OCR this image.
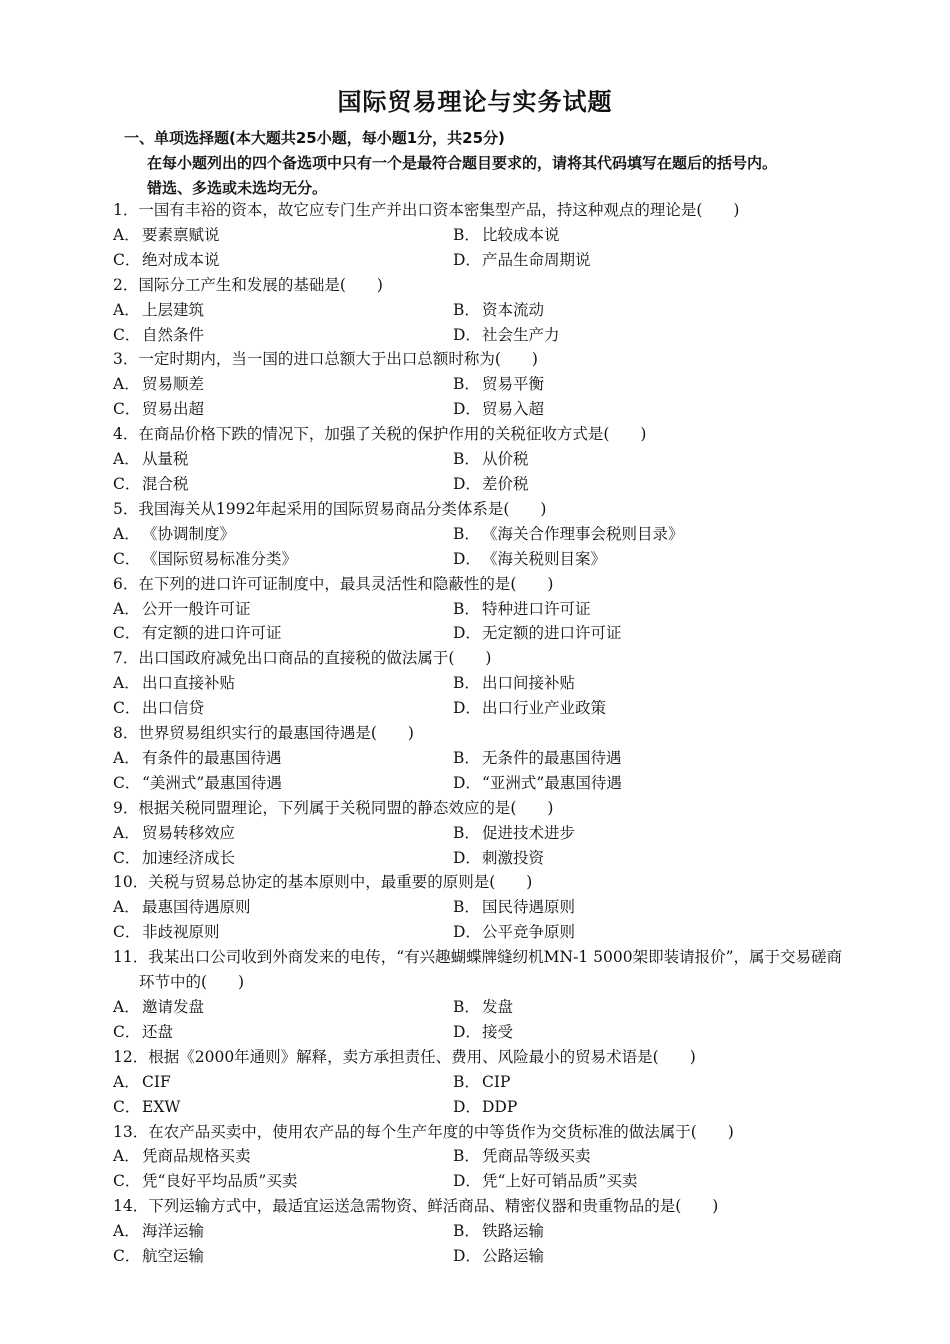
国际贸易理论与实务试题
一、单项选择题(本大题共25小题，每小题1分，共25分)
在每小题列出的四个备选项中只有一个是最符合题目要求的，请将其代码填写在题后的括号内。
错选、多选或未选均无分。
1．一国有丰裕的资本，故它应专门生产并出口资本密集型产品，持这种观点的理论是(　　)
A． 要素禀赋说	B． 比较成本说
C． 绝对成本说	D．产品生命周期说
2．国际分工产生和发展的基础是(　　)
A． 上层建筑	B． 资本流动
C． 自然条件	D．社会生产力
3．一定时期内，当一国的进口总额大于出口总额时称为(　　)
A． 贸易顺差	B． 贸易平衡
C． 贸易出超	D．贸易入超
4．在商品价格下跌的情况下，加强了关税的保护作用的关税征收方式是(　　)
A． 从量税	B． 从价税
C． 混合税	D．差价税
5．我国海关从1992年起采用的国际贸易商品分类体系是(　　)
A． 《协调制度》	B． 《海关合作理事会税则目录》
C． 《国际贸易标准分类》	D．《海关税则目案》
6．在下列的进口许可证制度中，最具灵活性和隐蔽性的是(　　)
A． 公开一般许可证	B． 特种进口许可证
C． 有定额的进口许可证	D．无定额的进口许可证
7．出口国政府减免出口商品的直接税的做法属于(　　)
A． 出口直接补贴	B． 出口间接补贴
C． 出口信贷	D．出口行业产业政策
8．世界贸易组织实行的最惠国待遇是(　　)
A． 有条件的最惠国待遇	B． 无条件的最惠国待遇
C． “美洲式”最惠国待遇	D．“亚洲式”最惠国待遇
9．根据关税同盟理论，下列属于关税同盟的静态效应的是(　　)
A． 贸易转移效应	B． 促进技术进步
C． 加速经济成长	D．刺激投资
10．关税与贸易总协定的基本原则中，最重要的原则是(　　)
A． 最惠国待遇原则	B． 国民待遇原则
C． 非歧视原则	D．公平竞争原则
11．我某出口公司收到外商发来的电传，“有兴趣蝴蝶牌缝纫机MN-1 5000架即装请报价”，属于交易磋商环节中的(　　)
A． 邀请发盘	B． 发盘
C． 还盘	D．接受
12．根据《2000年通则》解释，卖方承担责任、费用、风险最小的贸易术语是(　　)
A． CIF	B． CIP
C． EXW	D．DDP
13．在农产品买卖中，使用农产品的每个生产年度的中等货作为交货标准的做法属于(　　)
A． 凭商品规格买卖	B． 凭商品等级买卖
C． 凭“良好平均品质”买卖	D．凭“上好可销品质”买卖
14．下列运输方式中，最适宜运送急需物资、鲜活商品、精密仪器和贵重物品的是(　　)
A． 海洋运输	B． 铁路运输
C． 航空运输	D．公路运输
